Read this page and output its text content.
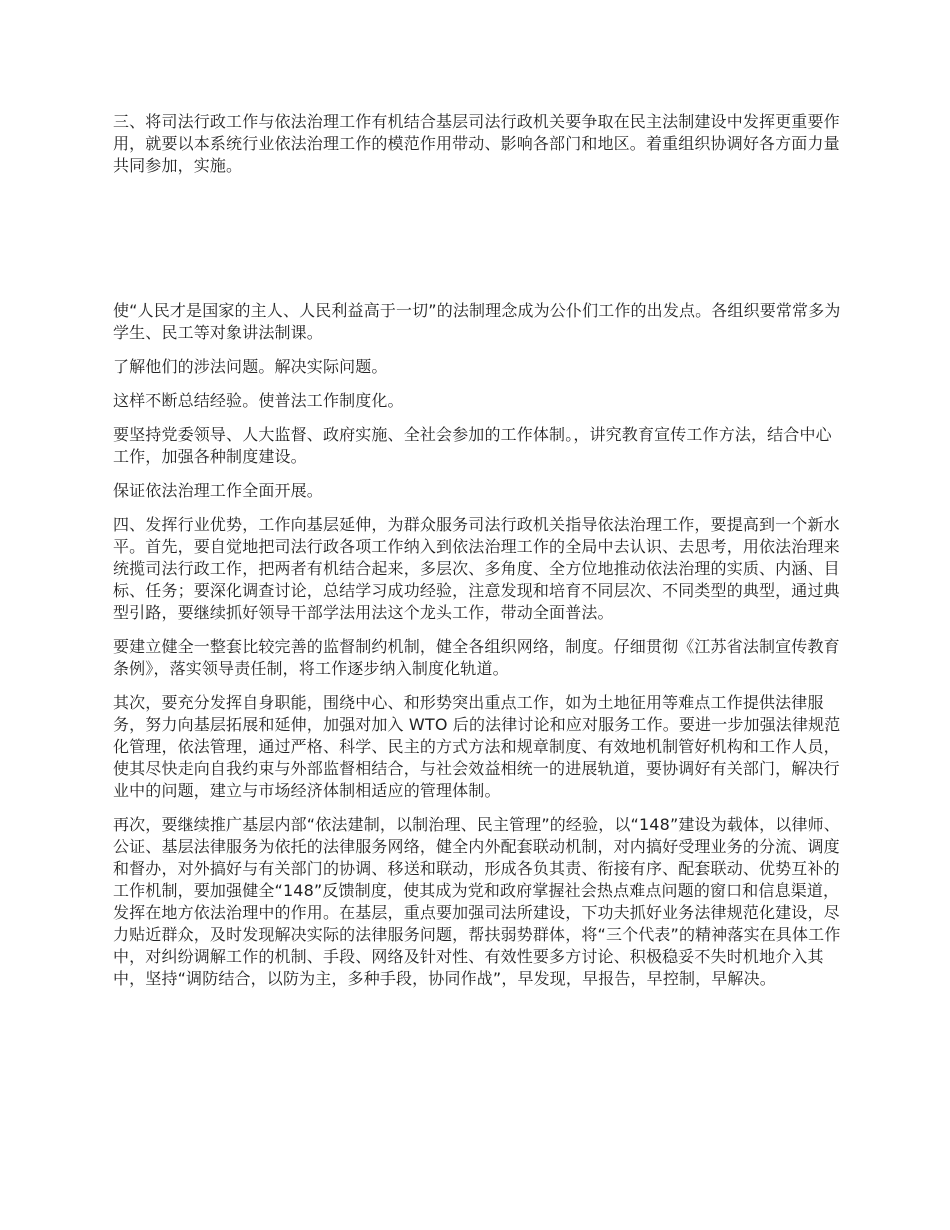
三、将司法行政工作与依法治理工作有机结合基层司法行政机关要争取在民主法制建设中发挥更重要作用，就要以本系统行业依法治理工作的模范作用带动、影响各部门和地区。着重组织协调好各方面力量共同参加，实施。

使“人民才是国家的主人、人民利益高于一切”的法制理念成为公仆们工作的出发点。各组织要常常多为学生、民工等对象讲法制课。

了解他们的涉法问题。解决实际问题。

这样不断总结经验。使普法工作制度化。

要坚持党委领导、人大监督、政府实施、全社会参加的工作体制。，讲究教育宣传工作方法，结合中心工作，加强各种制度建设。

保证依法治理工作全面开展。

四、发挥行业优势，工作向基层延伸，为群众服务司法行政机关指导依法治理工作，要提高到一个新水平。首先，要自觉地把司法行政各项工作纳入到依法治理工作的全局中去认识、去思考，用依法治理来统揽司法行政工作，把两者有机结合起来，多层次、多角度、全方位地推动依法治理的实质、内涵、目标、任务；要深化调查讨论，总结学习成功经验，注意发现和培育不同层次、不同类型的典型，通过典型引路，要继续抓好领导干部学法用法这个龙头工作，带动全面普法。

要建立健全一整套比较完善的监督制约机制，健全各组织网络，制度。仔细贯彻《江苏省法制宣传教育条例》，落实领导责任制，将工作逐步纳入制度化轨道。

其次，要充分发挥自身职能，围绕中心、和形势突出重点工作，如为土地征用等难点工作提供法律服务，努力向基层拓展和延伸，加强对加入 WTO 后的法律讨论和应对服务工作。要进一步加强法律规范化管理，依法管理，通过严格、科学、民主的方式方法和规章制度、有效地机制管好机构和工作人员，使其尽快走向自我约束与外部监督相结合，与社会效益相统一的进展轨道，要协调好有关部门，解决行业中的问题，建立与市场经济体制相适应的管理体制。

再次，要继续推广基层内部“依法建制，以制治理、民主管理”的经验，以“148”建设为载体，以律师、公证、基层法律服务为依托的法律服务网络，健全内外配套联动机制，对内搞好受理业务的分流、调度和督办，对外搞好与有关部门的协调、移送和联动，形成各负其责、衔接有序、配套联动、优势互补的工作机制，要加强健全“148”反馈制度，使其成为党和政府掌握社会热点难点问题的窗口和信息渠道，发挥在地方依法治理中的作用。在基层，重点要加强司法所建设，下功夫抓好业务法律规范化建设，尽力贴近群众，及时发现解决实际的法律服务问题，帮扶弱势群体，将“三个代表”的精神落实在具体工作中，对纠纷调解工作的机制、手段、网络及针对性、有效性要多方讨论、积极稳妥不失时机地介入其中，坚持“调防结合，以防为主，多种手段，协同作战”，早发现，早报告，早控制，早解决。
